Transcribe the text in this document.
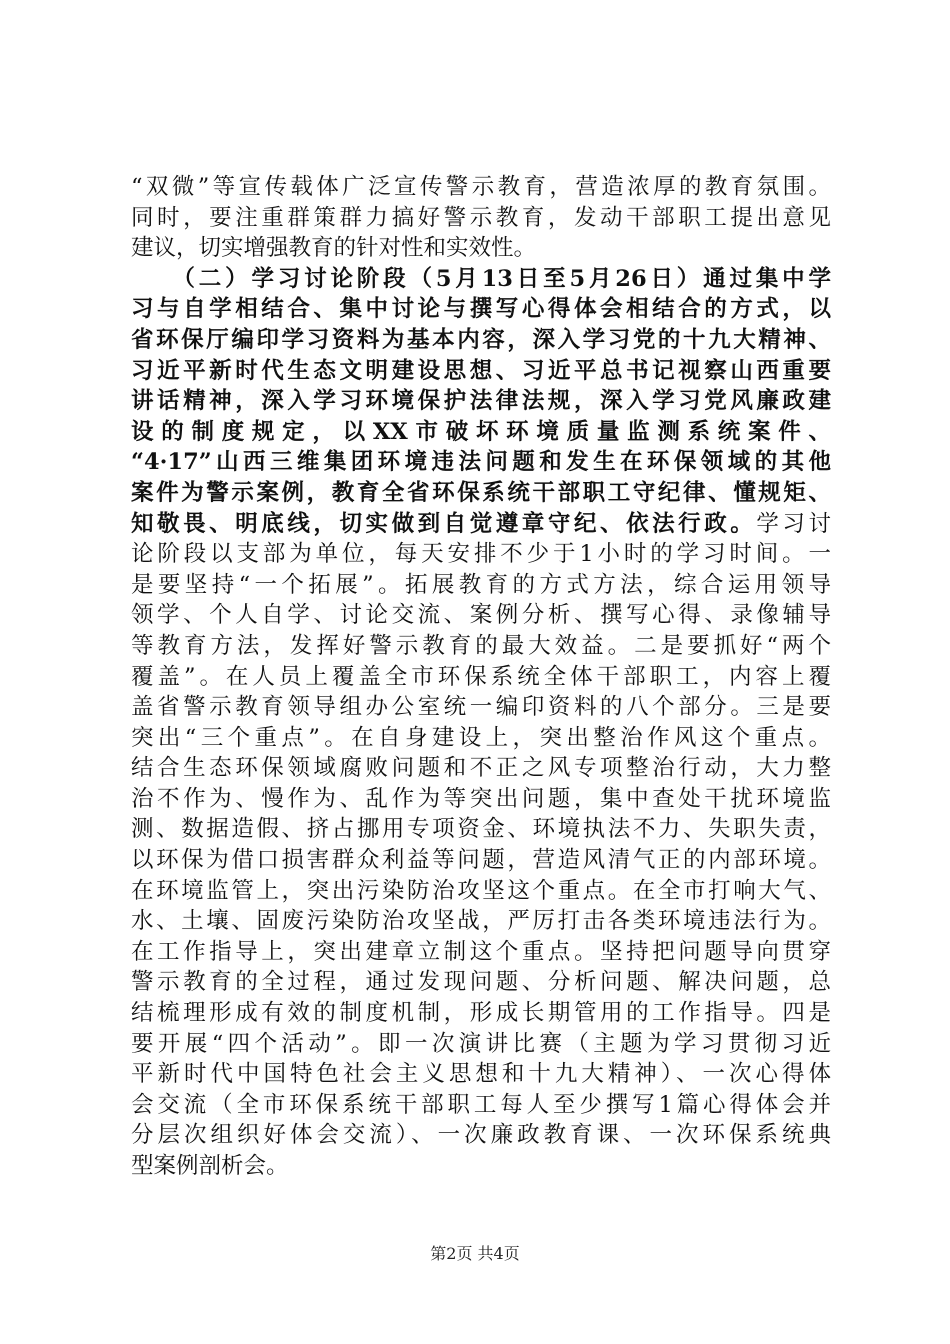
“双微”等宣传载体广泛宣传警示教育，营造浓厚的教育氛围。
同时，要注重群策群力搞好警示教育，发动干部职工提出意见
建议，切实增强教育的针对性和实效性。
　　（二）学习讨论阶段（5月13日至5月26日）通过集中学
习与自学相结合、集中讨论与撰写心得体会相结合的方式，以
省环保厅编印学习资料为基本内容，深入学习党的十九大精神、
习近平新时代生态文明建设思想、习近平总书记视察山西重要
讲话精神，深入学习环境保护法律法规，深入学习党风廉政建
设的制度规定，以XX市破坏环境质量监测系统案件、
“4·17”山西三维集团环境违法问题和发生在环保领域的其他
案件为警示案例，教育全省环保系统干部职工守纪律、懂规矩、
知敬畏、明底线，切实做到自觉遵章守纪、依法行政。学习讨
论阶段以支部为单位，每天安排不少于1小时的学习时间。一
是要坚持“一个拓展”。拓展教育的方式方法，综合运用领导
领学、个人自学、讨论交流、案例分析、撰写心得、录像辅导
等教育方法，发挥好警示教育的最大效益。二是要抓好“两个
覆盖”。在人员上覆盖全市环保系统全体干部职工，内容上覆
盖省警示教育领导组办公室统一编印资料的八个部分。三是要
突出“三个重点”。在自身建设上，突出整治作风这个重点。
结合生态环保领域腐败问题和不正之风专项整治行动，大力整
治不作为、慢作为、乱作为等突出问题，集中查处干扰环境监
测、数据造假、挤占挪用专项资金、环境执法不力、失职失责，
以环保为借口损害群众利益等问题，营造风清气正的内部环境。
在环境监管上，突出污染防治攻坚这个重点。在全市打响大气、
水、土壤、固废污染防治攻坚战，严厉打击各类环境违法行为。
在工作指导上，突出建章立制这个重点。坚持把问题导向贯穿
警示教育的全过程，通过发现问题、分析问题、解决问题，总
结梳理形成有效的制度机制，形成长期管用的工作指导。四是
要开展“四个活动”。即一次演讲比赛（主题为学习贯彻习近
平新时代中国特色社会主义思想和十九大精神）、一次心得体
会交流（全市环保系统干部职工每人至少撰写1篇心得体会并
分层次组织好体会交流）、一次廉政教育课、一次环保系统典
型案例剖析会。
第2页 共4页
